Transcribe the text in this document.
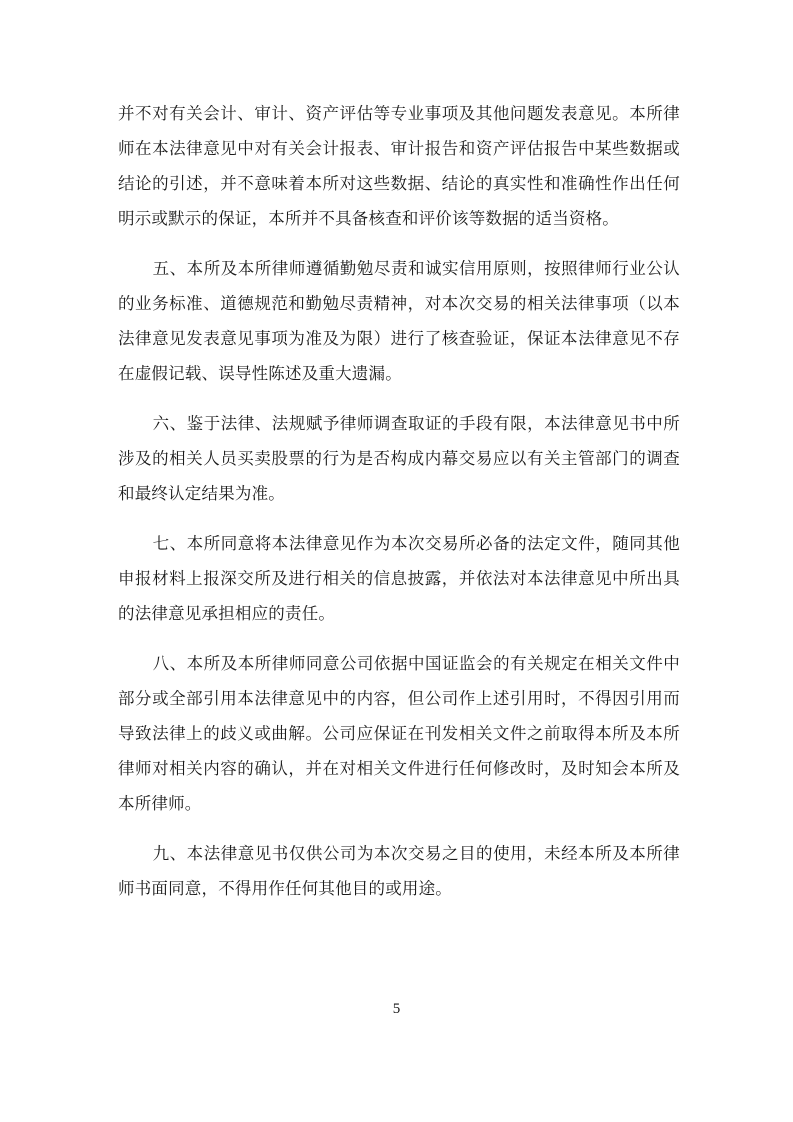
并不对有关会计、审计、资产评估等专业事项及其他问题发表意见。本所律师在本法律意见中对有关会计报表、审计报告和资产评估报告中某些数据或结论的引述，并不意味着本所对这些数据、结论的真实性和准确性作出任何明示或默示的保证，本所并不具备核查和评价该等数据的适当资格。

五、本所及本所律师遵循勤勉尽责和诚实信用原则，按照律师行业公认的业务标准、道德规范和勤勉尽责精神，对本次交易的相关法律事项（以本法律意见发表意见事项为准及为限）进行了核查验证，保证本法律意见不存在虚假记载、误导性陈述及重大遗漏。

六、鉴于法律、法规赋予律师调查取证的手段有限，本法律意见书中所涉及的相关人员买卖股票的行为是否构成内幕交易应以有关主管部门的调查和最终认定结果为准。

七、本所同意将本法律意见作为本次交易所必备的法定文件，随同其他申报材料上报深交所及进行相关的信息披露，并依法对本法律意见中所出具的法律意见承担相应的责任。

八、本所及本所律师同意公司依据中国证监会的有关规定在相关文件中部分或全部引用本法律意见中的内容，但公司作上述引用时，不得因引用而导致法律上的歧义或曲解。公司应保证在刊发相关文件之前取得本所及本所律师对相关内容的确认，并在对相关文件进行任何修改时，及时知会本所及本所律师。

九、本法律意见书仅供公司为本次交易之目的使用，未经本所及本所律师书面同意，不得用作任何其他目的或用途。

5
